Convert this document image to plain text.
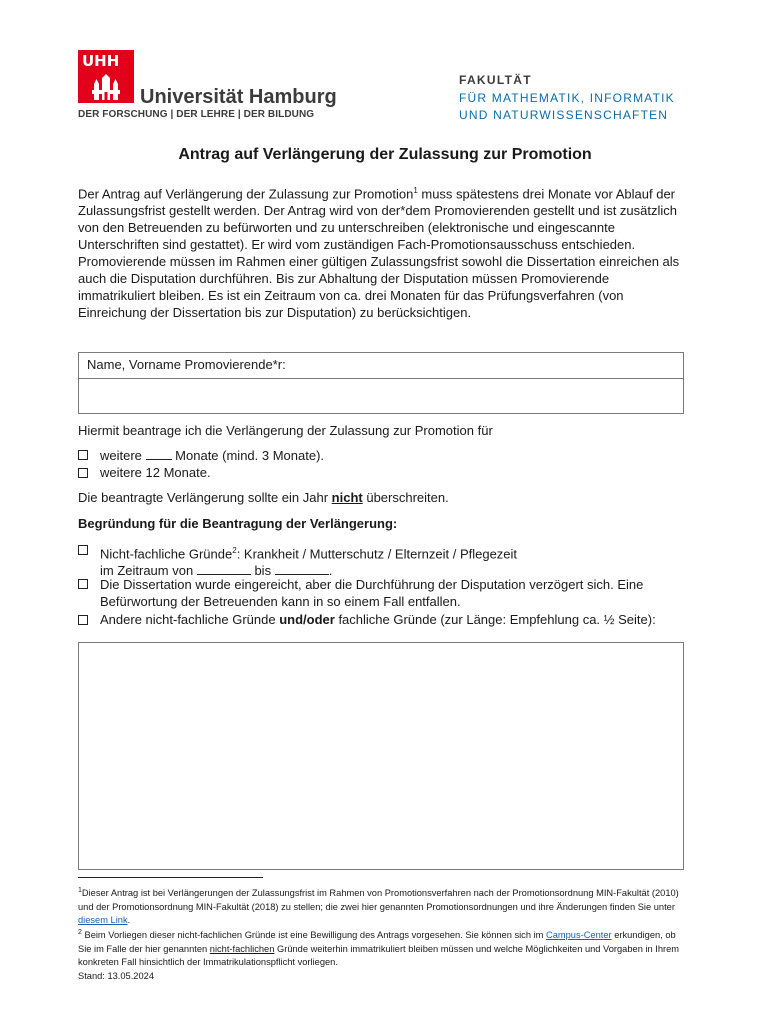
UHH
Universität Hamburg
DER FORSCHUNG | DER LEHRE | DER BILDUNG
FAKULTÄT
FÜR MATHEMATIK, INFORMATIK
UND NATURWISSENSCHAFTEN
Antrag auf Verlängerung der Zulassung zur Promotion
Der Antrag auf Verlängerung der Zulassung zur Promotion$^1$ muss spätestens drei Monate vor Ablauf der Zulassungsfrist gestellt werden. Der Antrag wird von der*dem Promovierenden gestellt und ist zusätzlich von den Betreuenden zu befürworten und zu unterschreiben (elektronische und eingescannte Unterschriften sind gestattet). Er wird vom zuständigen Fach-Promotionsausschuss entschieden.
Promovierende müssen im Rahmen einer gültigen Zulassungsfrist sowohl die Dissertation einreichen als auch die Disputation durchführen. Bis zur Abhaltung der Disputation müssen Promovierende immatrikuliert bleiben. Es ist ein Zeitraum von ca. drei Monaten für das Prüfungsverfahren (von Einreichung der Dissertation bis zur Disputation) zu berücksichtigen.
Name, Vorname Promovierende*r:
Hiermit beantrage ich die Verlängerung der Zulassung zur Promotion für
weitere	Monate (mind. 3 Monate).
weitere 12 Monate.
Die beantragte Verlängerung sollte ein Jahr nicht überschreiten.
Begründung für die Beantragung der Verlängerung:
Nicht-fachliche Gründe$^2$: Krankheit / Mutterschutz / Elternzeit / Pflegezeit
im Zeitraum von	bis	.
Die Dissertation wurde eingereicht, aber die Durchführung der Disputation verzögert sich. Eine Befürwortung der Betreuenden kann in so einem Fall entfallen.
Andere nicht-fachliche Gründe und/oder fachliche Gründe (zur Länge: Empfehlung ca. ½ Seite):
$^1$Dieser Antrag ist bei Verlängerungen der Zulassungsfrist im Rahmen von Promotionsverfahren nach der Promotionsordnung MIN-Fakultät (2010) und der Promotionsordnung MIN-Fakultät (2018) zu stellen; die zwei hier genannten Promotionsordnungen und ihre Änderungen finden Sie unter diesem Link.
$^2$ Beim Vorliegen dieser nicht-fachlichen Gründe ist eine Bewilligung des Antrags vorgesehen. Sie können sich im Campus-Center erkundigen, ob Sie im Falle der hier genannten nicht-fachlichen Gründe weiterhin immatrikuliert bleiben müssen und welche Möglichkeiten und Vorgaben in Ihrem konkreten Fall hinsichtlich der Immatrikulationspflicht vorliegen.
Stand: 13.05.2024
